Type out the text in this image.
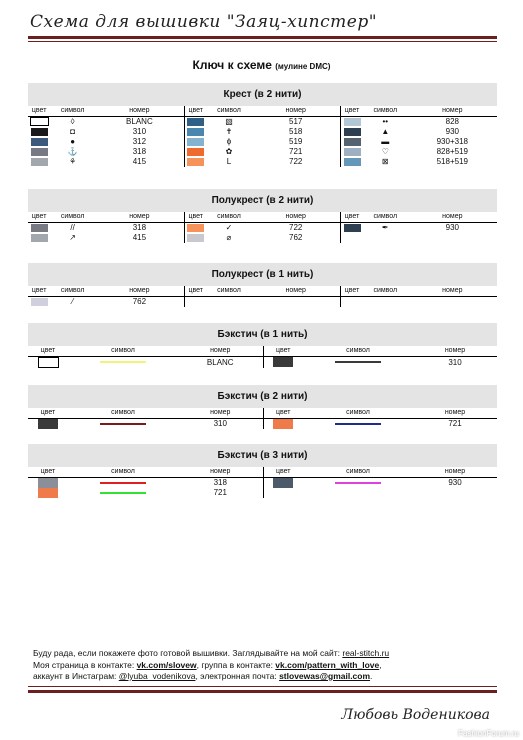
Схема для вышивки "Заяц-хипстер"
Ключ к схеме (мулине DMC)
Крест (в 2 нити)
цвет	символ	номер	цвет	символ	номер	цвет	символ	номер
	◊	BLANC		▧	517		••	828
	◘	310		✝	518		▲	930
	●	312		ɸ	519		▬	930+318
	⚓	318		✿	721		♡	828+519
	⚘	415		L	722		⊠	518+519
Полукрест (в 2 нити)
цвет	символ	номер	цвет	символ	номер	цвет	символ	номер
	//	318		✓	722		✒	930
	↗	415		⌀	762			
Полукрест (в 1 нить)
цвет	символ	номер	цвет	символ	номер	цвет	символ	номер
	⁄	762						
Бэкстич (в 1 нить)
цвет	символ	номер	цвет	символ	номер
		BLANC			310
Бэкстич (в 2 нити)
цвет	символ	номер	цвет	символ	номер
		310			721
Бэкстич (в 3 нити)
цвет	символ	номер	цвет	символ	номер
		318			930
		721			
Буду рада, если покажете фото готовой вышивки. Заглядывайте на мой сайт: real-stitch.ru
Моя страница в контакте: vk.com/slovew, группа в контакте: vk.com/pattern_with_love,
аккаунт в Инстаграм: @lyuba_vodenikova, электронная почта: stlovewas@gmail.com.
Любовь Воденикова
FashionForum.ru
